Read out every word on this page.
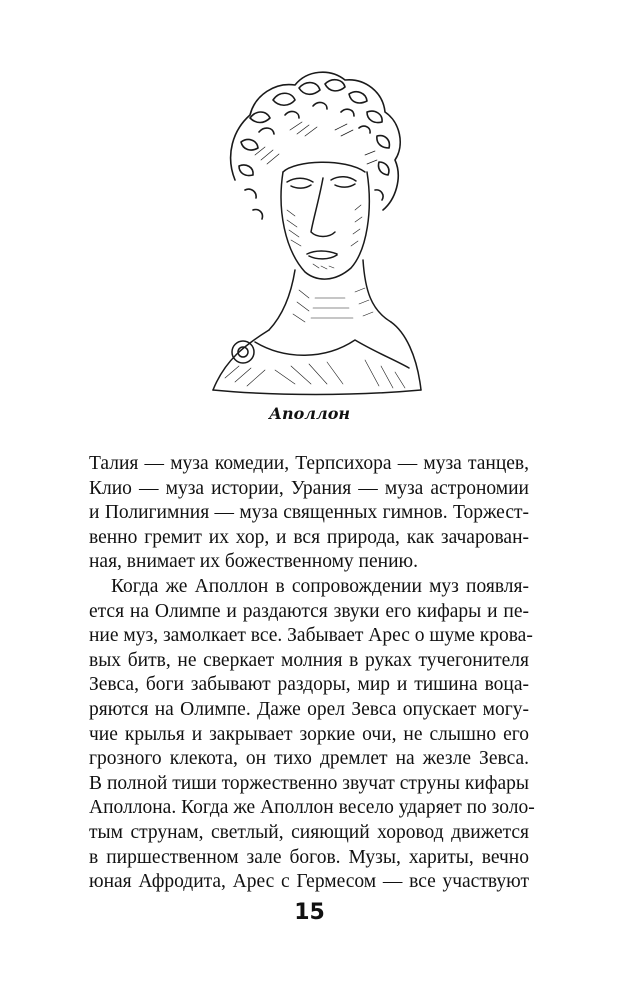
Аполлон
Талия — муза комедии, Терпсихора — муза танцев,
Клио — муза истории, Урания — муза астрономии
и Полигимния — муза священных гимнов. Торжест-
венно гремит их хор, и вся природа, как зачарован-
ная, внимает их божественному пению.
Когда же Аполлон в сопровождении муз появля-
ется на Олимпе и раздаются звуки его кифары и пе-
ние муз, замолкает все. Забывает Арес о шуме крова-
вых битв, не сверкает молния в руках тучегонителя
Зевса, боги забывают раздоры, мир и тишина воца-
ряются на Олимпе. Даже орел Зевса опускает могу-
чие крылья и закрывает зоркие очи, не слышно его
грозного клекота, он тихо дремлет на жезле Зевса.
В полной тиши торжественно звучат струны кифары
Аполлона. Когда же Аполлон весело ударяет по золо-
тым струнам, светлый, сияющий хоровод движется
в пиршественном зале богов. Музы, хариты, вечно
юная Афродита, Арес с Гермесом — все участвуют
15
